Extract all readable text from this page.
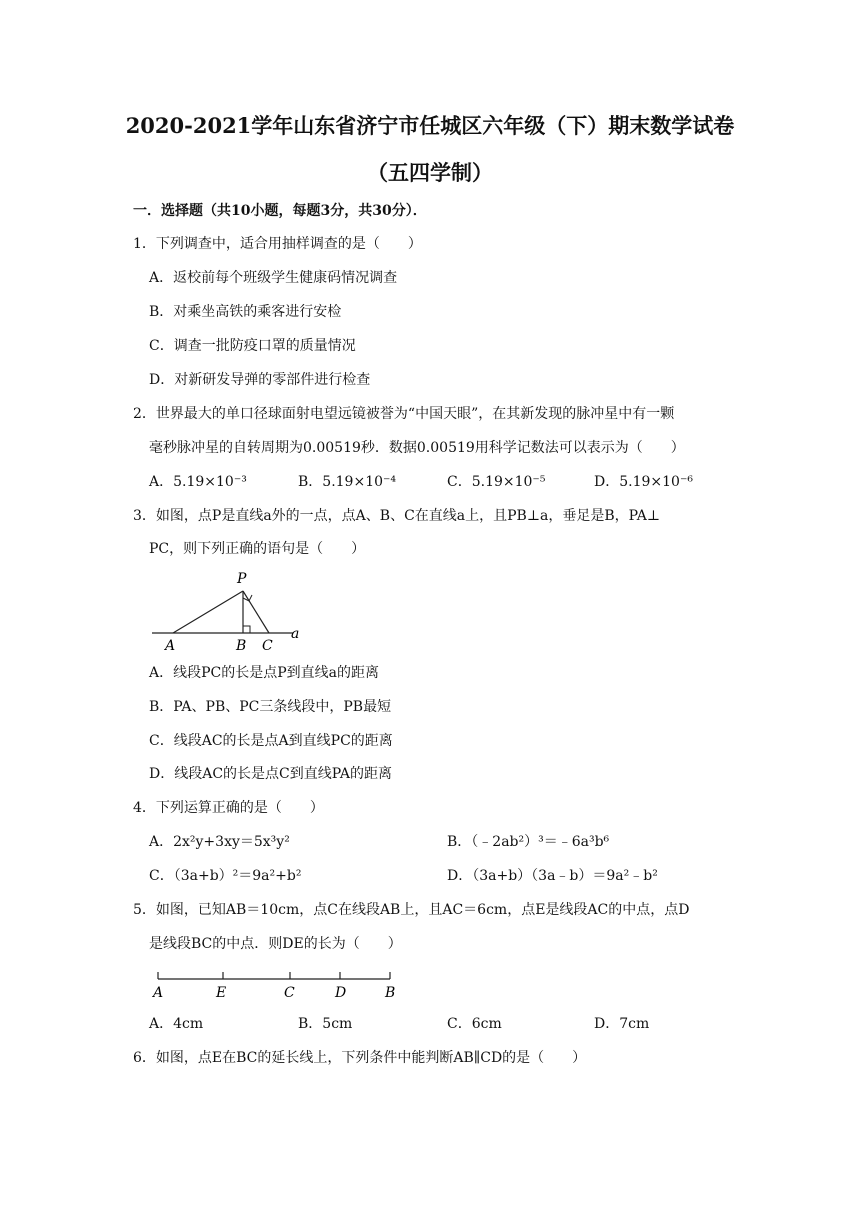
2020-2021学年山东省济宁市任城区六年级（下）期末数学试卷
（五四学制）
一．选择题（共10小题，每题3分，共30分）．
1．下列调查中，适合用抽样调查的是（　　）
A．返校前每个班级学生健康码情况调查
B．对乘坐高铁的乘客进行安检
C．调查一批防疫口罩的质量情况
D．对新研发导弹的零部件进行检查
2．世界最大的单口径球面射电望远镜被誉为“中国天眼”，在其新发现的脉冲星中有一颗
毫秒脉冲星的自转周期为0.00519秒．数据0.00519用科学记数法可以表示为（　　）
A．5.19×10⁻³	B．5.19×10⁻⁴	C．5.19×10⁻⁵	D．5.19×10⁻⁶
3．如图，点P是直线a外的一点，点A、B、C在直线a上，且PB⊥a，垂足是B，PA⊥
PC，则下列正确的语句是（　　）
P
A	B C
a
A．线段PC的长是点P到直线a的距离
B．PA、PB、PC三条线段中，PB最短
C．线段AC的长是点A到直线PC的距离
D．线段AC的长是点C到直线PA的距离
4．下列运算正确的是（　　）
A．2x²y+3xy＝5x³y²	B．（﹣2ab²）³＝﹣6a³b⁶
C．（3a+b）²＝9a²+b²	D．（3a+b）（3a﹣b）＝9a²﹣b²
5．如图，已知AB＝10cm，点C在线段AB上，且AC＝6cm，点E是线段AC的中点，点D
是线段BC的中点．则DE的长为（　　）
A	E	C	D	B
A．4cm	B．5cm	C．6cm	D．7cm
6．如图，点E在BC的延长线上，下列条件中能判断AB∥CD的是（　　）
